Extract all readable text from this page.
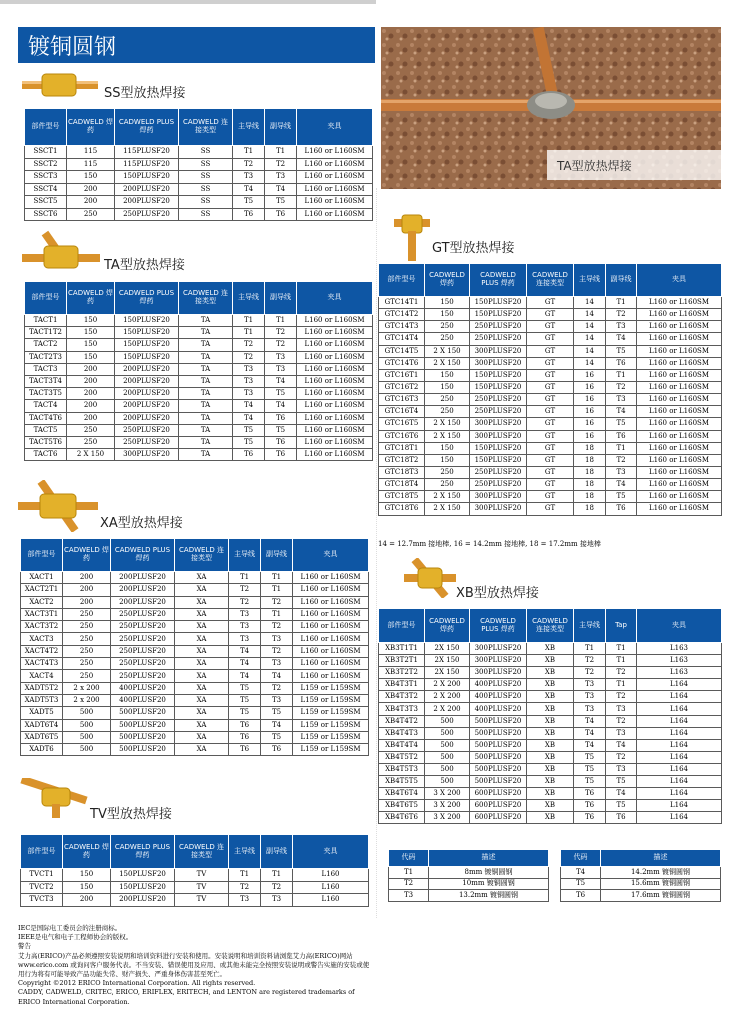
镀铜圆钢
TA型放热焊接
SS型放热焊接
部件型号	CADWELD 焊药	CADWELD PLUS 焊药	CADWELD 连接类型	主导线	副导线	夹具
SSCT1	115	115PLUSF20	SS	T1	T1	L160 or L160SM
SSCT2	115	115PLUSF20	SS	T2	T2	L160 or L160SM
SSCT3	150	150PLUSF20	SS	T3	T3	L160 or L160SM
SSCT4	200	200PLUSF20	SS	T4	T4	L160 or L160SM
SSCT5	200	200PLUSF20	SS	T5	T5	L160 or L160SM
SSCT6	250	250PLUSF20	SS	T6	T6	L160 or L160SM
TA型放热焊接
部件型号	CADWELD 焊药	CADWELD PLUS 焊药	CADWELD 连接类型	主导线	副导线	夹具
TACT1	150	150PLUSF20	TA	T1	T1	L160 or L160SM
TACT1T2	150	150PLUSF20	TA	T1	T2	L160 or L160SM
TACT2	150	150PLUSF20	TA	T2	T2	L160 or L160SM
TACT2T3	150	150PLUSF20	TA	T2	T3	L160 or L160SM
TACT3	200	200PLUSF20	TA	T3	T3	L160 or L160SM
TACT3T4	200	200PLUSF20	TA	T3	T4	L160 or L160SM
TACT3T5	200	200PLUSF20	TA	T3	T5	L160 or L160SM
TACT4	200	200PLUSF20	TA	T4	T4	L160 or L160SM
TACT4T6	200	200PLUSF20	TA	T4	T6	L160 or L160SM
TACT5	250	250PLUSF20	TA	T5	T5	L160 or L160SM
TACT5T6	250	250PLUSF20	TA	T5	T6	L160 or L160SM
TACT6	2 X 150	300PLUSF20	TA	T6	T6	L160 or L160SM
XA型放热焊接
部件型号	CADWELD 焊药	CADWELD PLUS 焊药	CADWELD 连接类型	主导线	副导线	夹具
XACT1	200	200PLUSF20	XA	T1	T1	L160 or L160SM
XACT2T1	200	200PLUSF20	XA	T2	T1	L160 or L160SM
XACT2	200	200PLUSF20	XA	T2	T2	L160 or L160SM
XACT3T1	250	250PLUSF20	XA	T3	T1	L160 or L160SM
XACT3T2	250	250PLUSF20	XA	T3	T2	L160 or L160SM
XACT3	250	250PLUSF20	XA	T3	T3	L160 or L160SM
XACT4T2	250	250PLUSF20	XA	T4	T2	L160 or L160SM
XACT4T3	250	250PLUSF20	XA	T4	T3	L160 or L160SM
XACT4	250	250PLUSF20	XA	T4	T4	L160 or L160SM
XADT5T2	2 x 200	400PLUSF20	XA	T5	T2	L159 or L159SM
XADT5T3	2 x 200	400PLUSF20	XA	T5	T3	L159 or L159SM
XADT5	500	500PLUSF20	XA	T5	T5	L159 or L159SM
XADT6T4	500	500PLUSF20	XA	T6	T4	L159 or L159SM
XADT6T5	500	500PLUSF20	XA	T6	T5	L159 or L159SM
XADT6	500	500PLUSF20	XA	T6	T6	L159 or L159SM
TV型放热焊接
部件型号	CADWELD 焊药	CADWELD PLUS 焊药	CADWELD 连接类型	主导线	副导线	夹具
TVCT1	150	150PLUSF20	TV	T1	T1	L160
TVCT2	150	150PLUSF20	TV	T2	T2	L160
TVCT3	200	200PLUSF20	TV	T3	T3	L160
GT型放热焊接
部件型号	CADWELD 焊药	CADWELD PLUS 焊药	CADWELD 连接类型	主导线	副导线	夹具
GTC14T1	150	150PLUSF20	GT	14	T1	L160 or L160SM
GTC14T2	150	150PLUSF20	GT	14	T2	L160 or L160SM
GTC14T3	250	250PLUSF20	GT	14	T3	L160 or L160SM
GTC14T4	250	250PLUSF20	GT	14	T4	L160 or L160SM
GTC14T5	2 X 150	300PLUSF20	GT	14	T5	L160 or L160SM
GTC14T6	2 X 150	300PLUSF20	GT	14	T6	L160 or L160SM
GTC16T1	150	150PLUSF20	GT	16	T1	L160 or L160SM
GTC16T2	150	150PLUSF20	GT	16	T2	L160 or L160SM
GTC16T3	250	250PLUSF20	GT	16	T3	L160 or L160SM
GTC16T4	250	250PLUSF20	GT	16	T4	L160 or L160SM
GTC16T5	2 X 150	300PLUSF20	GT	16	T5	L160 or L160SM
GTC16T6	2 X 150	300PLUSF20	GT	16	T6	L160 or L160SM
GTC18T1	150	150PLUSF20	GT	18	T1	L160 or L160SM
GTC18T2	150	150PLUSF20	GT	18	T2	L160 or L160SM
GTC18T3	250	250PLUSF20	GT	18	T3	L160 or L160SM
GTC18T4	250	250PLUSF20	GT	18	T4	L160 or L160SM
GTC18T5	2 X 150	300PLUSF20	GT	18	T5	L160 or L160SM
GTC18T6	2 X 150	300PLUSF20	GT	18	T6	L160 or L160SM
14 = 12.7mm 接地棒, 16 = 14.2mm 接地棒, 18 = 17.2mm 接地棒
XB型放热焊接
部件型号	CADWELD 焊药	CADWELD PLUS 焊药	CADWELD 连接类型	主导线	Tap	夹具
XB3T1T1	2X 150	300PLUSF20	XB	T1	T1	L163
XB3T2T1	2X 150	300PLUSF20	XB	T2	T1	L163
XB3T2T2	2X 150	300PLUSF20	XB	T2	T2	L163
XB4T3T1	2 X 200	400PLUSF20	XB	T3	T1	L164
XB4T3T2	2 X 200	400PLUSF20	XB	T3	T2	L164
XB4T3T3	2 X 200	400PLUSF20	XB	T3	T3	L164
XB4T4T2	500	500PLUSF20	XB	T4	T2	L164
XB4T4T3	500	500PLUSF20	XB	T4	T3	L164
XB4T4T4	500	500PLUSF20	XB	T4	T4	L164
XB4T5T2	500	500PLUSF20	XB	T5	T2	L164
XB4T5T3	500	500PLUSF20	XB	T5	T3	L164
XB4T5T5	500	500PLUSF20	XB	T5	T5	L164
XB4T6T4	3 X 200	600PLUSF20	XB	T6	T4	L164
XB4T6T5	3 X 200	600PLUSF20	XB	T6	T5	L164
XB4T6T6	3 X 200	600PLUSF20	XB	T6	T6	L164
代码	描述
T1	8mm 镀铜圆钢
T2	10mm 镀铜圆钢
T3	13.2mm 镀铜圆钢
代码	描述
T4	14.2mm 镀铜圆钢
T5	15.6mm 镀铜圆钢
T6	17.6mm 镀铜圆钢
IEC是国际电工委员会的注册商标。
IEEE是电气和电子工程师协会的版权。
警告
艾力高(ERICO)产品必须遵照安装说明和培训资料进行安装和使用。安装说明和培训资料请浏览艾力高(ERICO)网站www.erico.com 或询问客户服务代表。不当安装、错误使用及应用、或其他未能完全按照安装说明或警告实施的安装或使用行为将有可能导致产品功能失常、财产损失、严重身体伤害甚至死亡。
Copyright ©2012 ERICO International Corporation. All rights reserved.
CADDY, CADWELD, CRITEC, ERICO, ERIFLEX, ERITECH, and LENTON are registered trademarks of ERICO International Corporation.
